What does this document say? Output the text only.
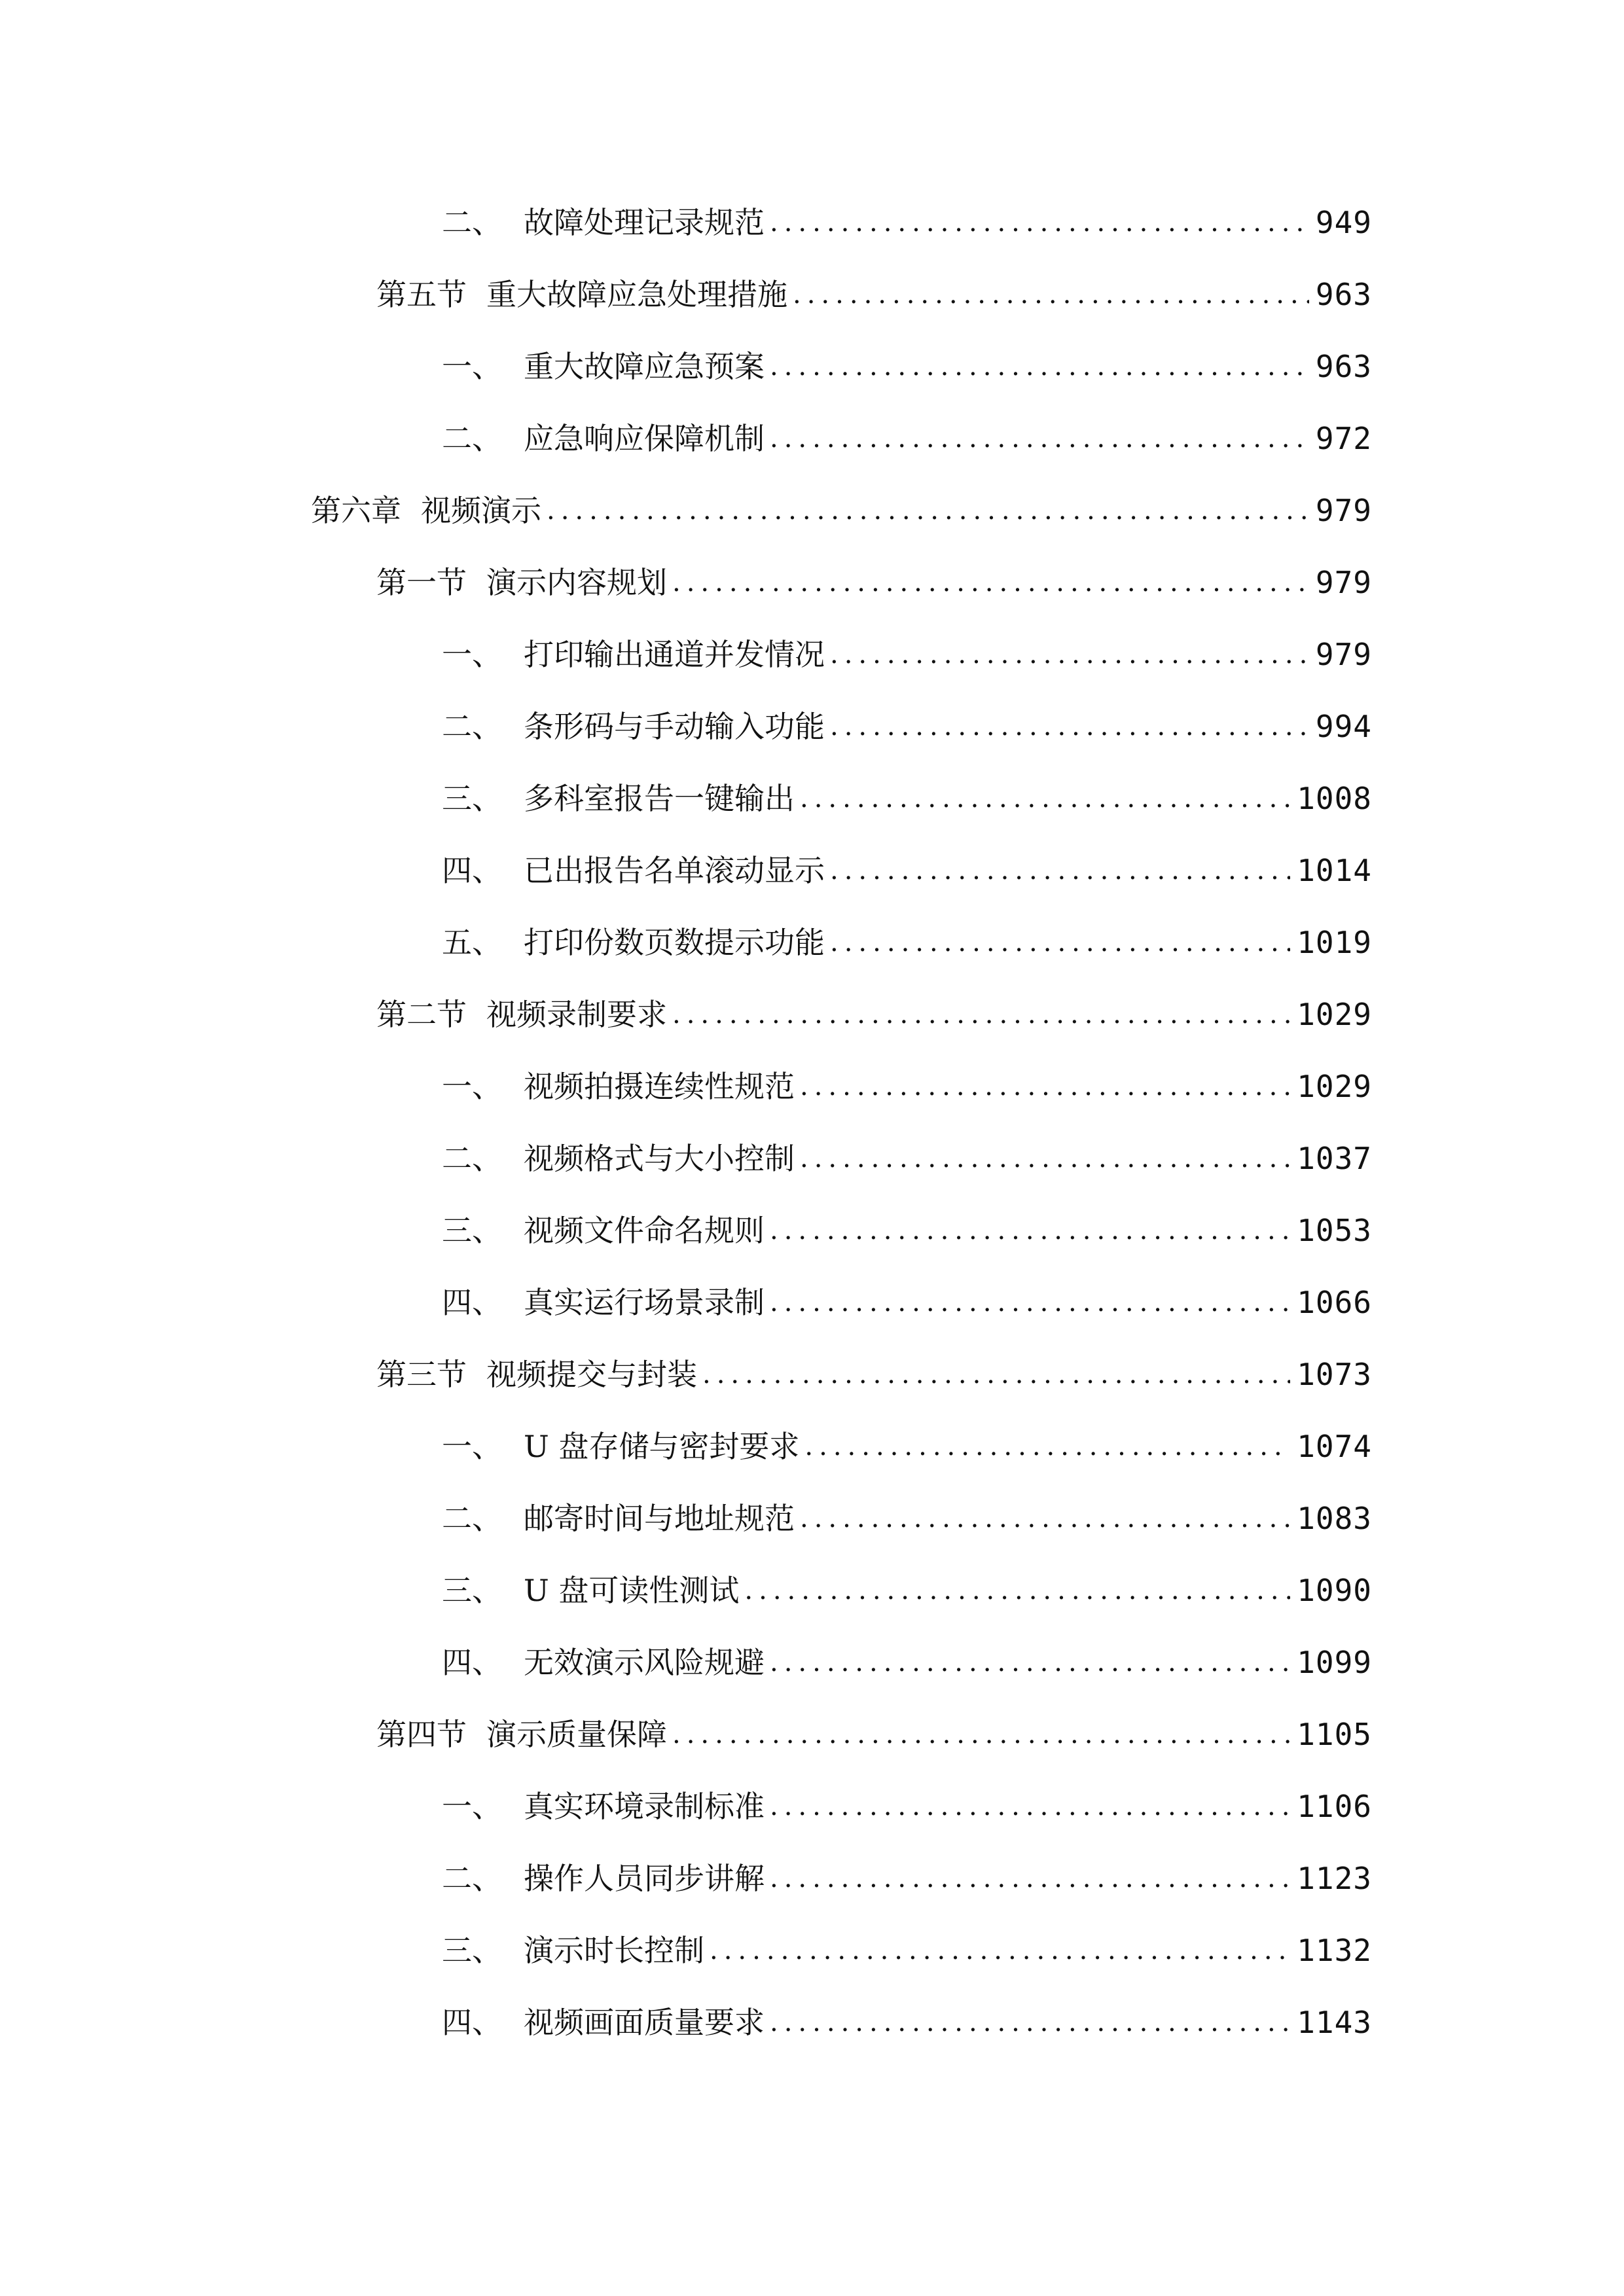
二、 故障处理记录规范 .....	949
第五节 重大故障应急处理措施 .....	963
一、 重大故障应急预案 .....	963
二、 应急响应保障机制 .....	972
第六章 视频演示 .....	979
第一节 演示内容规划 .....	979
一、 打印输出通道并发情况 .....	979
二、 条形码与手动输入功能 .....	994
三、 多科室报告一键输出 .....	1008
四、 已出报告名单滚动显示 .....	1014
五、 打印份数页数提示功能 .....	1019
第二节 视频录制要求 .....	1029
一、 视频拍摄连续性规范 .....	1029
二、 视频格式与大小控制 .....	1037
三、 视频文件命名规则 .....	1053
四、 真实运行场景录制 .....	1066
第三节 视频提交与封装 .....	1073
一、 U 盘存储与密封要求 .....	1074
二、 邮寄时间与地址规范 .....	1083
三、 U 盘可读性测试 .....	1090
四、 无效演示风险规避 .....	1099
第四节 演示质量保障 .....	1105
一、 真实环境录制标准 .....	1106
二、 操作人员同步讲解 .....	1123
三、 演示时长控制 .....	1132
四、 视频画面质量要求 .....	1143
